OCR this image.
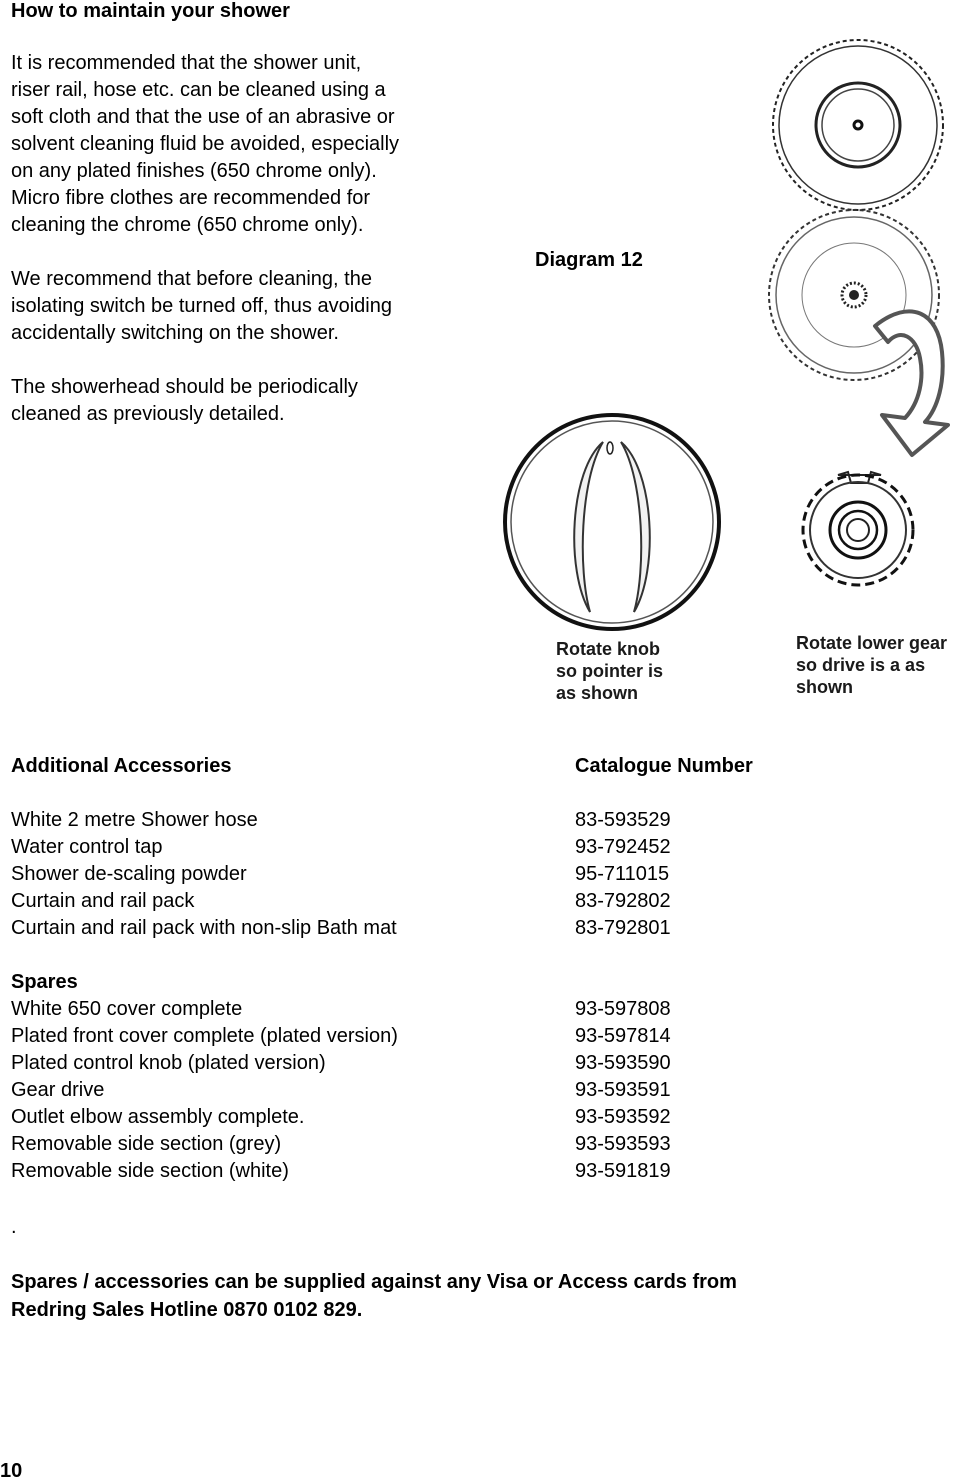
How to maintain your shower
It is recommended that the shower unit,
riser rail, hose etc. can be cleaned using a
soft cloth and that the use of an abrasive or
solvent cleaning fluid be avoided, especially
on any plated finishes (650 chrome only).
Micro fibre clothes are recommended for
cleaning the chrome (650 chrome only).
We recommend that before cleaning, the
isolating switch be turned off, thus avoiding
accidentally switching on the shower.
The showerhead should be periodically
cleaned as previously detailed.
Diagram 12
Rotate knob
so pointer is
as shown
Rotate lower gear
so drive is a as
shown
Additional Accessories	Catalogue Number
White 2 metre Shower hose	83-593529
Water control tap	93-792452
Shower de-scaling powder	95-711015
Curtain and rail pack	83-792802
Curtain and rail pack with non-slip Bath mat	83-792801
Spares
White 650 cover complete	93-597808
Plated front cover complete (plated version)	93-597814
Plated control knob (plated version)	93-593590
Gear drive	93-593591
Outlet elbow assembly complete.	93-593592
Removable side section (grey)	93-593593
Removable side section (white)	93-591819
.
Spares / accessories can be supplied against any Visa or Access cards from
Redring Sales Hotline 0870 0102 829.
10
